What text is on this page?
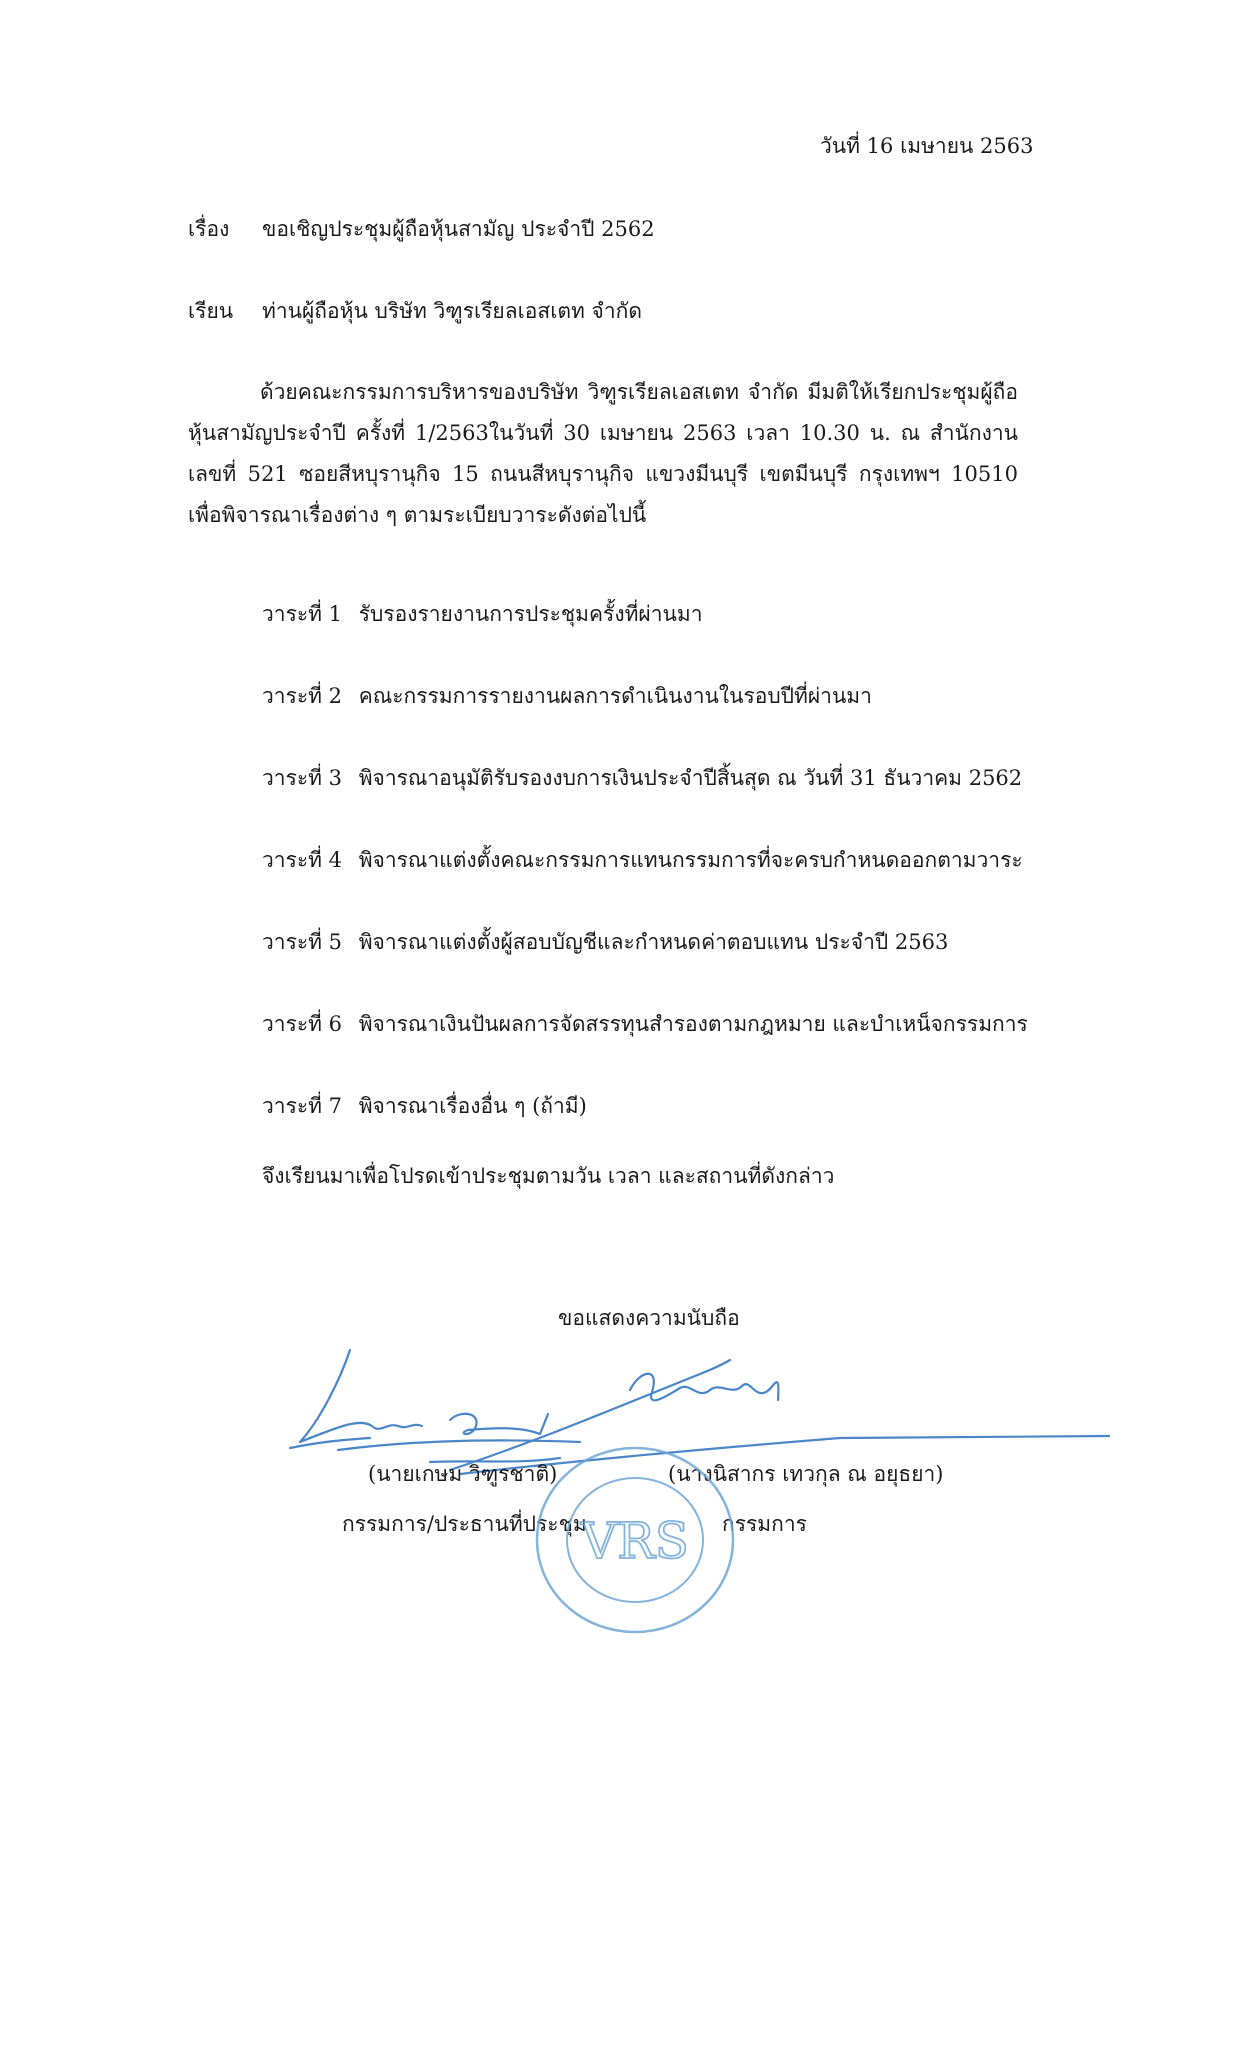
วันที่ 16 เมษายน 2563
เรื่อง ขอเชิญประชุมผู้ถือหุ้นสามัญ ประจำปี 2562
เรียน ท่านผู้ถือหุ้น บริษัท วิฑูรเรียลเอสเตท จำกัด
ด้วยคณะกรรมการบริหารของบริษัท วิฑูรเรียลเอสเตท จำกัด มีมติให้เรียกประชุมผู้ถือหุ้นสามัญประจำปี ครั้งที่ 1/2563ในวันที่ 30 เมษายน 2563 เวลา 10.30 น. ณ สำนักงานเลขที่ 521 ซอยสีหบุรานุกิจ 15 ถนนสีหบุรานุกิจ แขวงมีนบุรี เขตมีนบุรี กรุงเทพฯ 10510 เพื่อพิจารณาเรื่องต่าง ๆ ตามระเบียบวาระดังต่อไปนี้
วาระที่ 1 รับรองรายงานการประชุมครั้งที่ผ่านมา
วาระที่ 2 คณะกรรมการรายงานผลการดำเนินงานในรอบปีที่ผ่านมา
วาระที่ 3 พิจารณาอนุมัติรับรองงบการเงินประจำปีสิ้นสุด ณ วันที่ 31 ธันวาคม 2562
วาระที่ 4 พิจารณาแต่งตั้งคณะกรรมการแทนกรรมการที่จะครบกำหนดออกตามวาระ
วาระที่ 5 พิจารณาแต่งตั้งผู้สอบบัญชีและกำหนดค่าตอบแทน ประจำปี 2563
วาระที่ 6 พิจารณาเงินปันผลการจัดสรรทุนสำรองตามกฎหมาย และบำเหน็จกรรมการ
วาระที่ 7 พิจารณาเรื่องอื่น ๆ (ถ้ามี)
จึงเรียนมาเพื่อโปรดเข้าประชุมตามวัน เวลา และสถานที่ดังกล่าว
ขอแสดงความนับถือ
(นายเกษม วิฑูรชาติ)	(นางนิสากร เทวกุล ณ อยุธยา)
กรรมการ/ประธานที่ประชุม	กรรมการ
VRS
